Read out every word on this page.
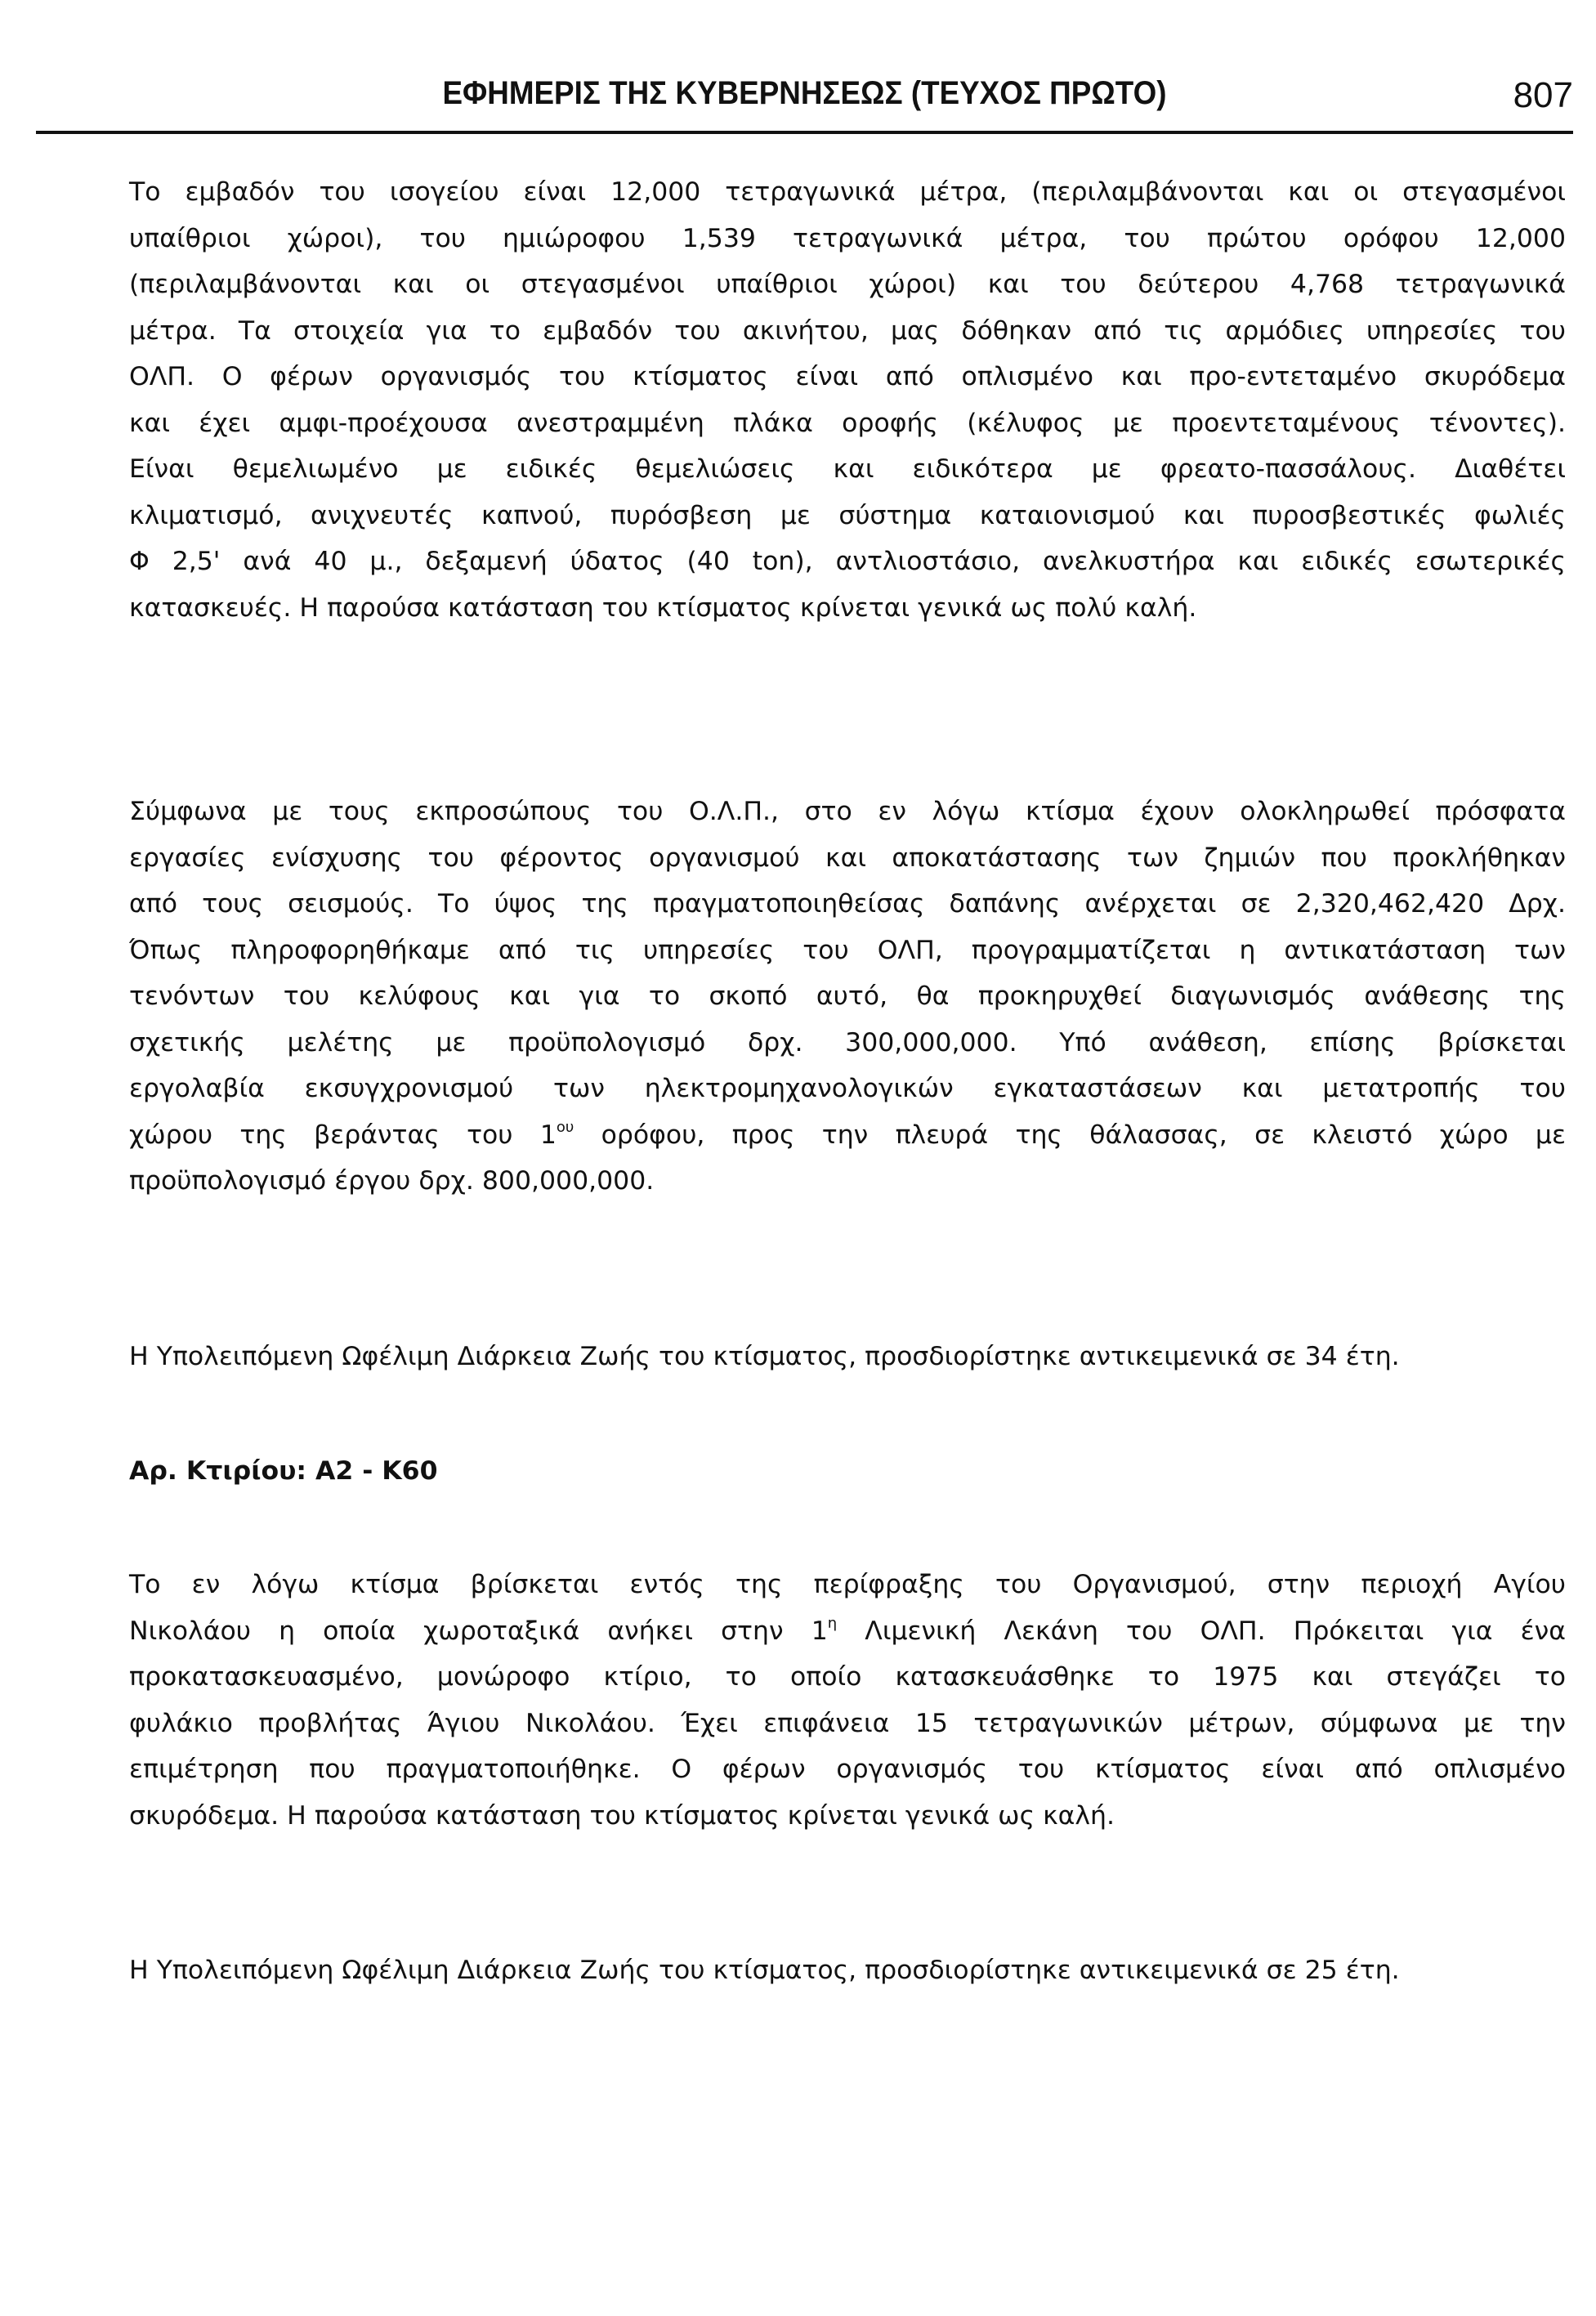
ΕΦΗΜΕΡΙΣ ΤΗΣ ΚΥΒΕΡΝΗΣΕΩΣ (ΤΕΥΧΟΣ ΠΡΩΤΟ)	807
Το εμβαδόν του ισογείου είναι 12,000 τετραγωνικά μέτρα, (περιλαμβάνονται και οι στεγασμένοι
υπαίθριοι χώροι), του ημιώροφου 1,539 τετραγωνικά μέτρα, του πρώτου ορόφου 12,000
(περιλαμβάνονται και οι στεγασμένοι υπαίθριοι χώροι) και του δεύτερου 4,768 τετραγωνικά
μέτρα. Τα στοιχεία για το εμβαδόν του ακινήτου, μας δόθηκαν από τις αρμόδιες υπηρεσίες του
ΟΛΠ. Ο φέρων οργανισμός του κτίσματος είναι από οπλισμένο και προ-εντεταμένο σκυρόδεμα
και έχει αμφι-προέχουσα ανεστραμμένη πλάκα οροφής (κέλυφος με προεντεταμένους τένοντες).
Είναι θεμελιωμένο με ειδικές θεμελιώσεις και ειδικότερα με φρεατο-πασσάλους. Διαθέτει
κλιματισμό, ανιχνευτές καπνού, πυρόσβεση με σύστημα καταιονισμού και πυροσβεστικές φωλιές
Φ 2,5' ανά 40 μ., δεξαμενή ύδατος (40 ton), αντλιοστάσιο, ανελκυστήρα και ειδικές εσωτερικές
κατασκευές. Η παρούσα κατάσταση του κτίσματος κρίνεται γενικά ως πολύ καλή.
Σύμφωνα με τους εκπροσώπους του Ο.Λ.Π., στο εν λόγω κτίσμα έχουν ολοκληρωθεί πρόσφατα
εργασίες ενίσχυσης του φέροντος οργανισμού και αποκατάστασης των ζημιών που προκλήθηκαν
από τους σεισμούς. Το ύψος της πραγματοποιηθείσας δαπάνης ανέρχεται σε 2,320,462,420 Δρχ.
Όπως πληροφορηθήκαμε από τις υπηρεσίες του ΟΛΠ, προγραμματίζεται η αντικατάσταση των
τενόντων του κελύφους και για το σκοπό αυτό, θα προκηρυχθεί διαγωνισμός ανάθεσης της
σχετικής μελέτης με προϋπολογισμό δρχ. 300,000,000. Υπό ανάθεση, επίσης βρίσκεται
εργολαβία εκσυγχρονισμού των ηλεκτρομηχανολογικών εγκαταστάσεων και μετατροπής του
χώρου της βεράντας του $1^{o\upsilon}$ ορόφου, προς την πλευρά της θάλασσας, σε κλειστό χώρο με
προϋπολογισμό έργου δρχ. 800,000,000.

Η Υπολειπόμενη Ωφέλιμη Διάρκεια Ζωής του κτίσματος, προσδιορίστηκε αντικειμενικά σε 34 έτη.

Αρ. Κτιρίου: Α2 - Κ60

Το εν λόγω κτίσμα βρίσκεται εντός της περίφραξης του Οργανισμού, στην περιοχή Αγίου
Νικολάου η οποία χωροταξικά ανήκει στην $1^\eta$ Λιμενική Λεκάνη του ΟΛΠ. Πρόκειται για ένα
προκατασκευασμένο, μονώροφο κτίριο, το οποίο κατασκευάσθηκε το 1975 και στεγάζει το
φυλάκιο προβλήτας Άγιου Νικολάου. Έχει επιφάνεια 15 τετραγωνικών μέτρων, σύμφωνα με την
επιμέτρηση που πραγματοποιήθηκε. Ο φέρων οργανισμός του κτίσματος είναι από οπλισμένο
σκυρόδεμα. Η παρούσα κατάσταση του κτίσματος κρίνεται γενικά ως καλή.

Η Υπολειπόμενη Ωφέλιμη Διάρκεια Ζωής του κτίσματος, προσδιορίστηκε αντικειμενικά σε 25 έτη.
